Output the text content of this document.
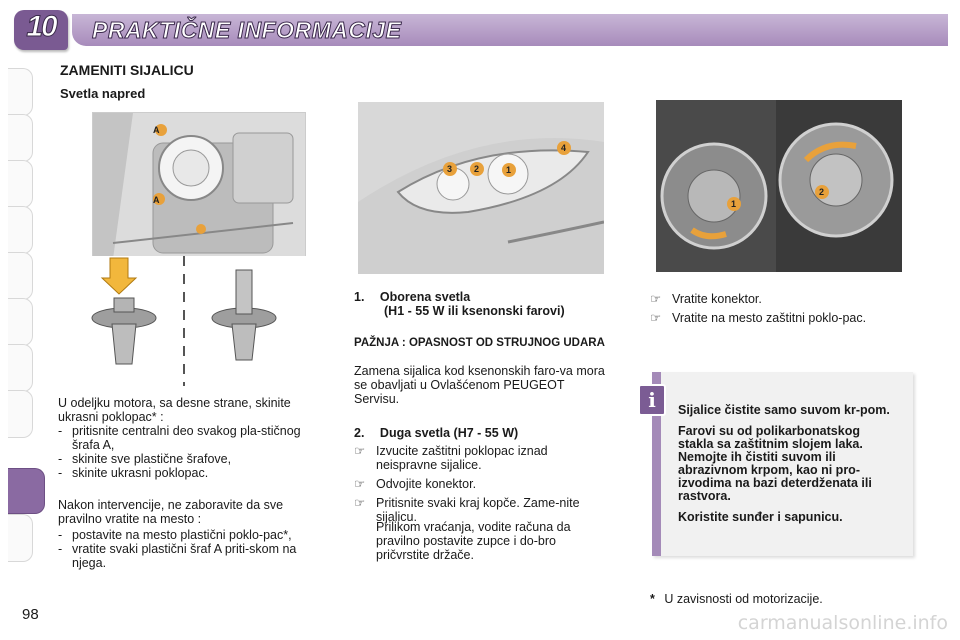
10 PRAKTIČNE INFORMACIJE
98
ZAMENITI SIJALICU
Svetla napred
A
A
U odeljku motora, sa desne strane, skinite ukrasni poklopac* :
- pritisnite centralni deo svakog pla-stičnog šrafa A,
- skinite sve plastične šrafove,
- skinite ukrasni poklopac.
Nakon intervencije, ne zaboravite da sve pravilno vratite na mesto :
- postavite na mesto plastični poklo-pac*,
- vratite svaki plastični šraf A priti-skom na njega.
1
2
3
4
1. Oborena svetla
(H1 - 55 W ili ksenonski farovi)
PAŽNJA : OPASNOST OD STRUJNOG UDARA
Zamena sijalica kod ksenonskih faro-va mora se obavljati u Ovlašćenom PEUGEOT Servisu.
2. Duga svetla (H7 - 55 W)
☞ Izvucite zaštitni poklopac iznad neispravne sijalice.
☞ Odvojite konektor.
☞ Pritisnite svaki kraj kopče. Zame-nite sijalicu.
Prilikom vraćanja, vodite računa da pravilno postavite zupce i do-bro pričvrstite držače.
1
2
☞ Vratite konektor.
☞ Vratite na mesto zaštitni poklo-pac.
i	Sijalice čistite samo suvom kr-pom.

Farovi su od polikarbonatskog stakla sa zaštitnim slojem laka. Nemojte ih čistiti suvom ili abrazivnom krpom, kao ni pro-izvodima na bazi deterdženata ili rastvora.

Koristite sunđer i sapunicu.

* U zavisnosti od motorizacije.
carmanualsonline.info
